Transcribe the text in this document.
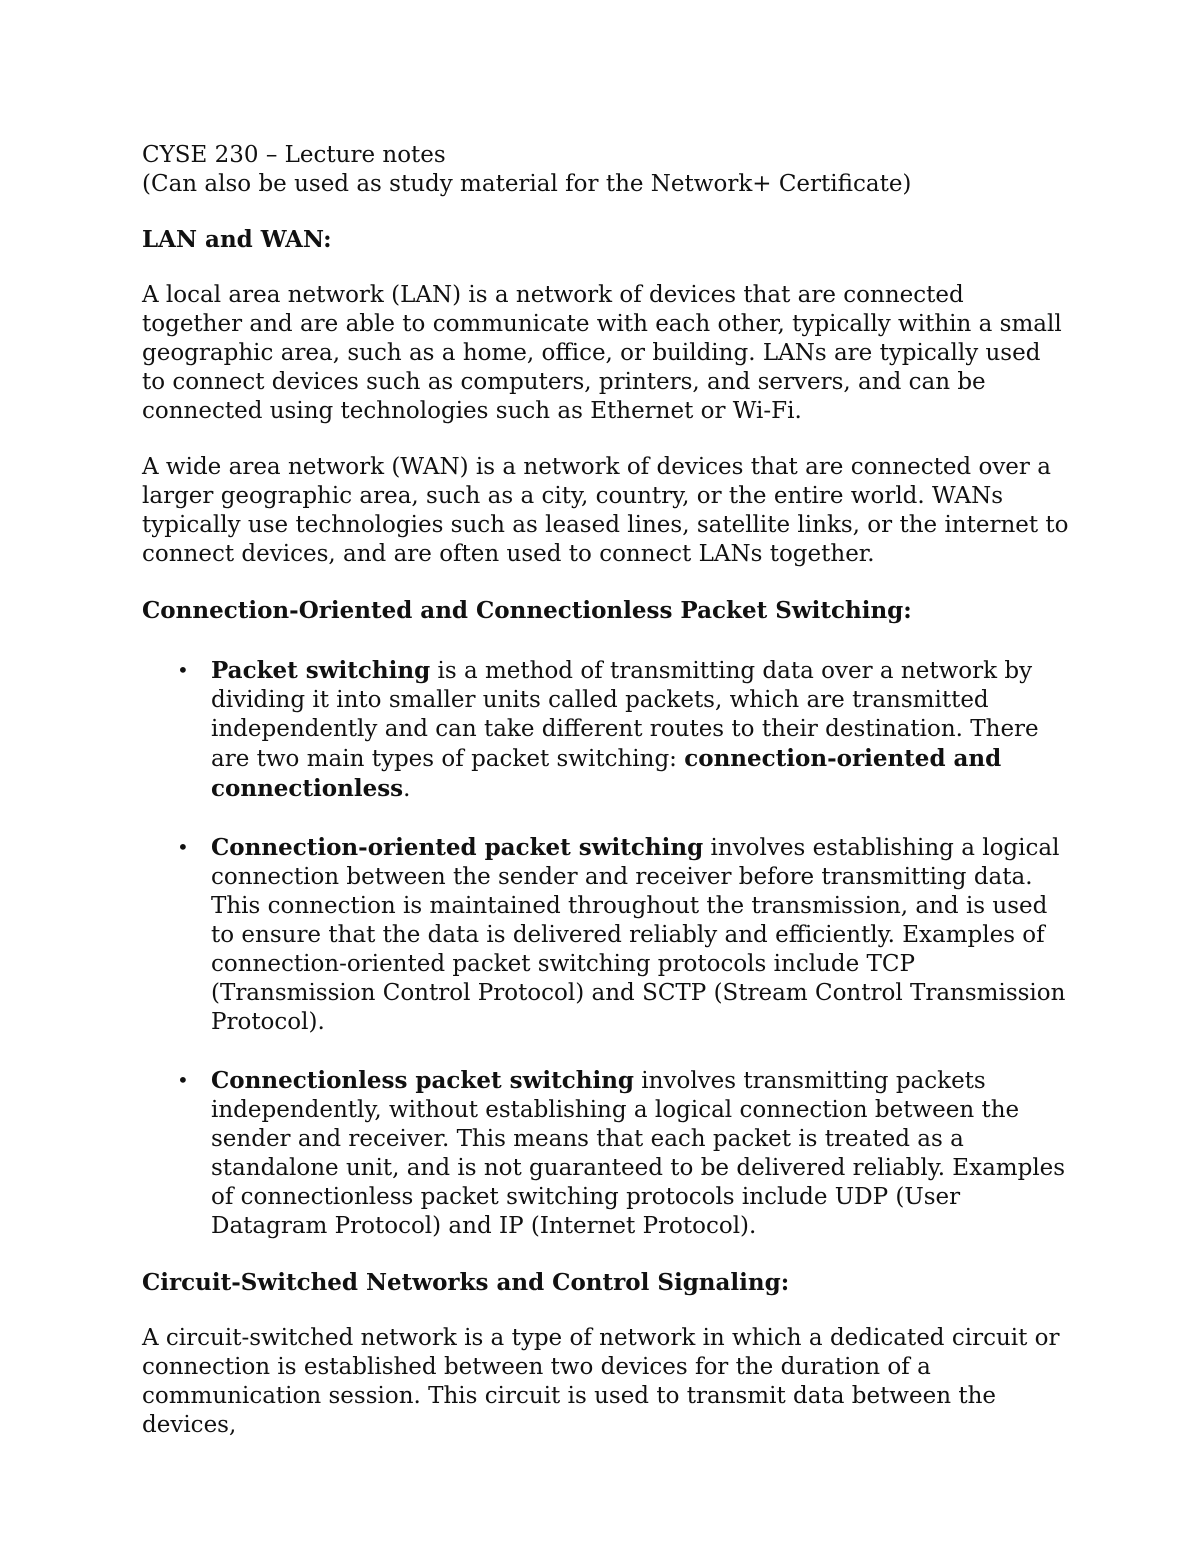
CYSE 230 – Lecture notes
(Can also be used as study material for the Network+ Certificate)
LAN and WAN:

A local area network (LAN) is a network of devices that are connected together and are able to communicate with each other, typically within a small geographic area, such as a home, office, or building. LANs are typically used to connect devices such as computers, printers, and servers, and can be connected using technologies such as Ethernet or Wi-Fi.

A wide area network (WAN) is a network of devices that are connected over a larger geographic area, such as a city, country, or the entire world. WANs typically use technologies such as leased lines, satellite links, or the internet to connect devices, and are often used to connect LANs together.

Connection-Oriented and Connectionless Packet Switching:
• Packet switching is a method of transmitting data over a network by dividing it into smaller units called packets, which are transmitted independently and can take different routes to their destination. There are two main types of packet switching: connection-oriented and connectionless.
• Connection-oriented packet switching involves establishing a logical connection between the sender and receiver before transmitting data. This connection is maintained throughout the transmission, and is used to ensure that the data is delivered reliably and efficiently. Examples of connection-oriented packet switching protocols include TCP (Transmission Control Protocol) and SCTP (Stream Control Transmission Protocol).
• Connectionless packet switching involves transmitting packets independently, without establishing a logical connection between the sender and receiver. This means that each packet is treated as a standalone unit, and is not guaranteed to be delivered reliably. Examples of connectionless packet switching protocols include UDP (User Datagram Protocol) and IP (Internet Protocol).
Circuit-Switched Networks and Control Signaling:

A circuit-switched network is a type of network in which a dedicated circuit or connection is established between two devices for the duration of a communication session. This circuit is used to transmit data between the devices,
